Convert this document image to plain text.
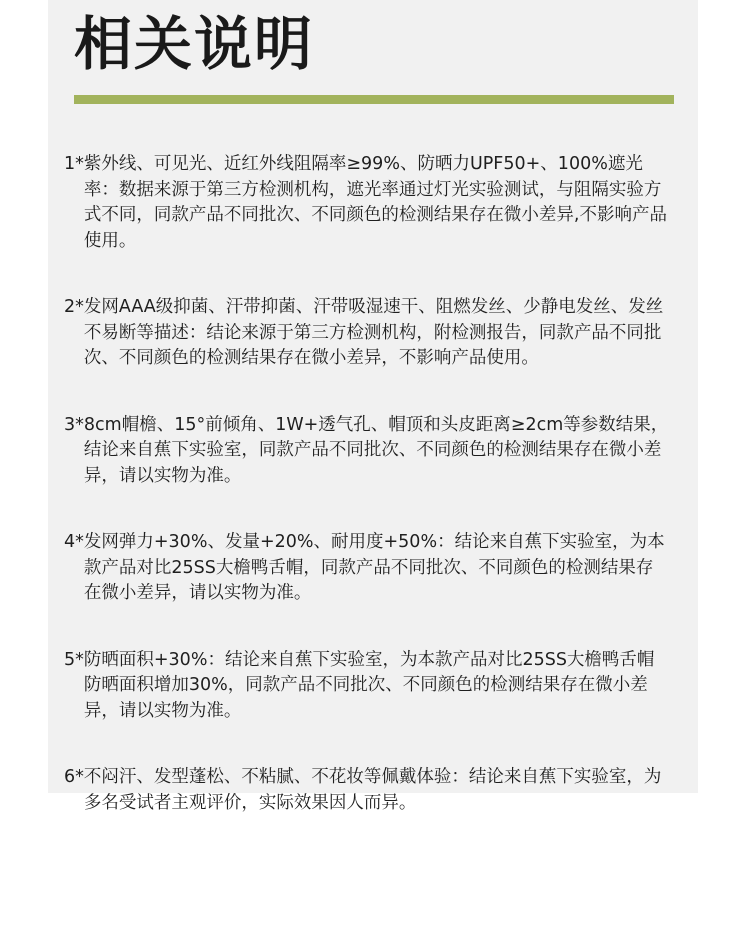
相关说明
1* 紫外线、可见光、近红外线阻隔率≥99%、防晒力UPF50+、100%遮光率：数据来源于第三方检测机构，遮光率通过灯光实验测试，与阻隔实验方式不同，同款产品不同批次、不同颜色的检测结果存在微小差异,不影响产品使用。
2* 发网AAA级抑菌、汗带抑菌、汗带吸湿速干、阻燃发丝、少静电发丝、发丝不易断等描述：结论来源于第三方检测机构，附检测报告，同款产品不同批次、不同颜色的检测结果存在微小差异，不影响产品使用。
3* 8cm帽檐、15°前倾角、1W+透气孔、帽顶和头皮距离≥2cm等参数结果，结论来自蕉下实验室，同款产品不同批次、不同颜色的检测结果存在微小差异，请以实物为准。
4* 发网弹力+30%、发量+20%、耐用度+50%：结论来自蕉下实验室，为本款产品对比25SS大檐鸭舌帽，同款产品不同批次、不同颜色的检测结果存在微小差异，请以实物为准。
5* 防晒面积+30%：结论来自蕉下实验室，为本款产品对比25SS大檐鸭舌帽防晒面积增加30%，同款产品不同批次、不同颜色的检测结果存在微小差异，请以实物为准。
6* 不闷汗、发型蓬松、不粘腻、不花妆等佩戴体验：结论来自蕉下实验室，为多名受试者主观评价，实际效果因人而异。
